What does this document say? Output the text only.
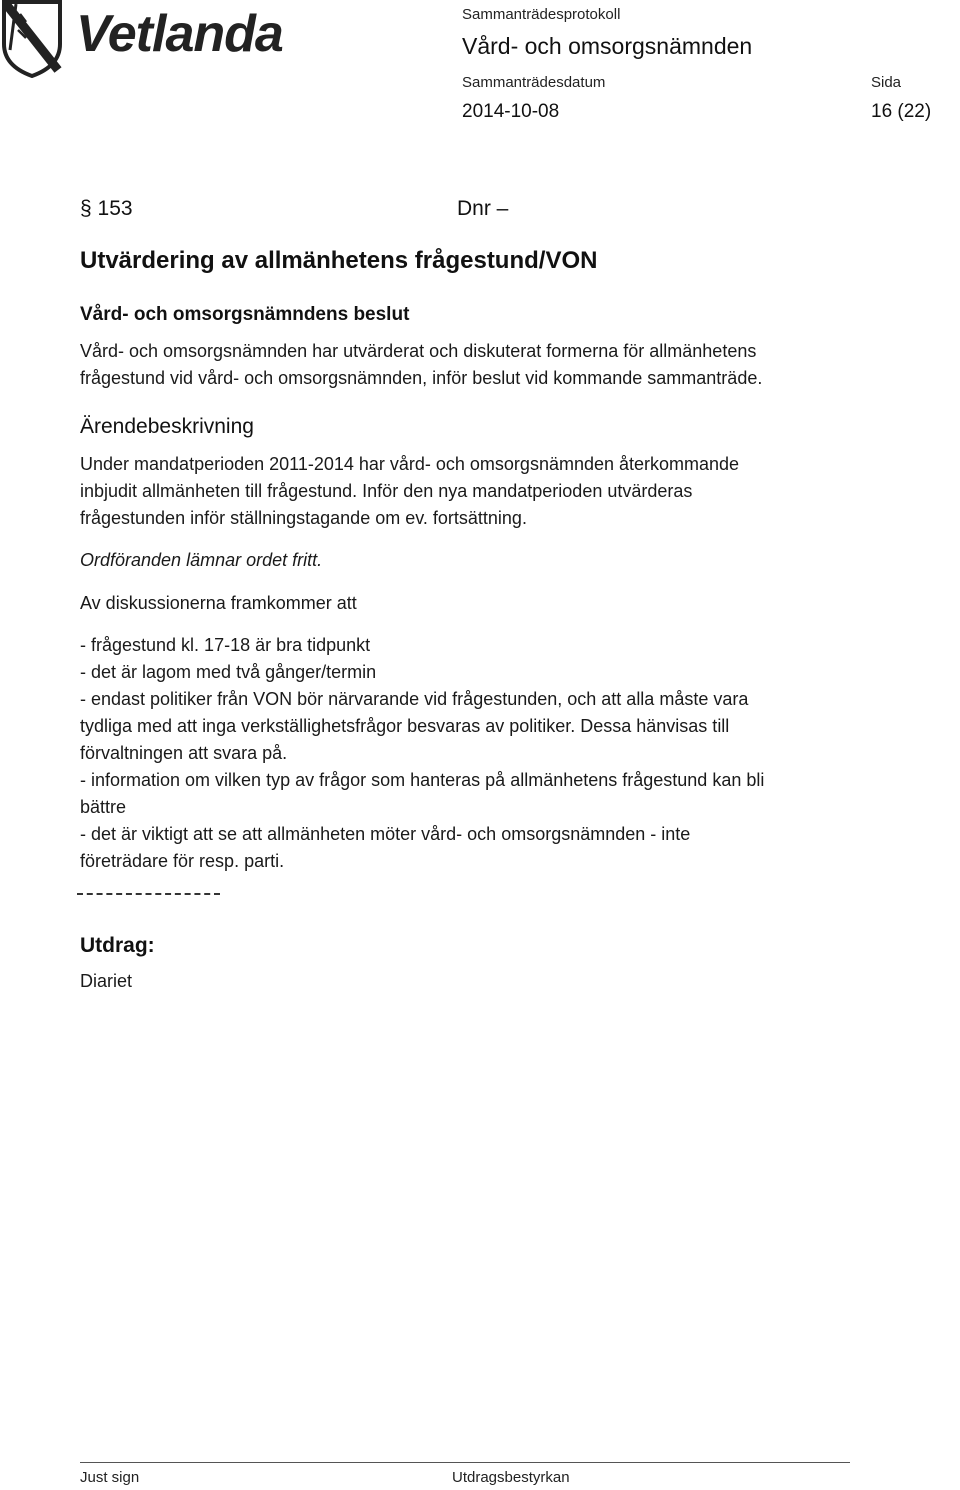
Vetlanda	Sammanträdesprotokoll
Vård- och omsorgsnämnden
Sammanträdesdatum	Sida
2014-10-08	16 (22)
§ 153	Dnr –
Utvärdering av allmänhetens frågestund/VON
Vård- och omsorgsnämndens beslut
Vård- och omsorgsnämnden har utvärderat och diskuterat formerna för allmänhetens
frågestund vid vård- och omsorgsnämnden, inför beslut vid kommande sammanträde.
Ärendebeskrivning
Under mandatperioden 2011-2014 har vård- och omsorgsnämnden återkommande
inbjudit allmänheten till frågestund. Inför den nya mandatperioden utvärderas
frågestunden inför ställningstagande om ev. fortsättning.
Ordföranden lämnar ordet fritt.
Av diskussionerna framkommer att
- frågestund kl. 17-18 är bra tidpunkt
- det är lagom med två gånger/termin
- endast politiker från VON bör närvarande vid frågestunden, och att alla måste vara
tydliga med att inga verkställighetsfrågor besvaras av politiker. Dessa hänvisas till
förvaltningen att svara på.
- information om vilken typ av frågor som hanteras på allmänhetens frågestund kan bli
bättre
- det är viktigt att se att allmänheten möter vård- och omsorgsnämnden - inte
företrädare för resp. parti.
Utdrag:
Diariet
Just sign	Utdragsbestyrkan
